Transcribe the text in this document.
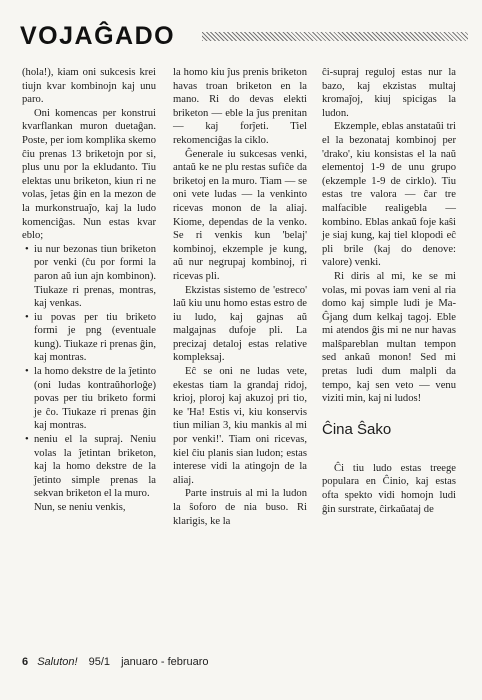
VOJAĜADO

(hola!), kiam oni sukcesis krei tiujn kvar kombinojn kaj unu paro.

Oni komencas per konstrui kvarflankan muron duetaĝan. Poste, per iom komplika skemo ĉiu prenas 13 briketojn por si, plus unu por la ekludanto. Tiu elektas unu briketon, kiun ri ne volas, ĵetas ĝin en la mezon de la murkonstruaĵo, kaj la ludo komenciĝas. Nun estas kvar eblo;

• iu nur bezonas tiun briketon por venki (ĉu por formi la paron aŭ iun ajn kombinon). Tiukaze ri prenas, montras, kaj venkas.
• iu povas per tiu briketo formi je png (eventuale kung). Tiukaze ri prenas ĝin, kaj montras.
• la homo dekstre de la ĵetinto (oni ludas kontraŭhorloĝe) povas per tiu briketo formi je ĉo. Tiukaze ri prenas ĝin kaj montras.
• neniu el la supraj. Neniu volas la ĵetintan briketon, kaj la homo dekstre de la ĵetinto simple prenas la sekvan briketon el la muro.

Nun, se neniu venkis,

la homo kiu ĵus prenis briketon havas troan briketon en la mano. Ri do devas elekti briketon — eble la ĵus prenitan — kaj forĵeti. Tiel rekomenciĝas la ciklo.

Ĝenerale iu sukcesas venki, antaŭ ke ne plu restas sufiĉe da briketoj en la muro. Tiam — se oni vete ludas — la venkinto ricevas monon de la aliaj. Kiome, dependas de la venko. Se ri venkis kun 'belaj' kombinoj, ekzemple je kung, aŭ nur negrupaj kombinoj, ri ricevas pli.

Ekzistas sistemo de 'estreco' laŭ kiu unu homo estas estro de iu ludo, kaj gajnas aŭ malgajnas dufoje pli. La precizaj detaloj estas relative kompleksaj.

Eĉ se oni ne ludas vete, ekestas tiam la grandaj ridoj, krioj, ploroj kaj akuzoj pri tio, ke 'Ha! Estis vi, kiu konservis tiun milian 3, kiu mankis al mi por venki!'. Tiam oni ricevas, kiel ĉiu planis sian ludon; estas interese vidi la atingojn de la aliaj.

Parte instruis al mi la ludon la ŝoforo de nia buso. Ri klarigis, ke la

ĉi-supraj reguloj estas nur la bazo, kaj ekzistas multaj kromaĵoj, kiuj spicigas la ludon.

Ekzemple, eblas anstataŭi tri el la bezonataj kombinoj per 'drako', kiu konsistas el la naŭ elementoj 1-9 de unu grupo (ekzemple 1-9 de cirklo). Tiu estas tre valora — ĉar tre malfacible realigebla — kombino. Eblas ankaŭ foje kaŝi je siaj kung, kaj tiel klopodi eĉ pli brile (kaj do denove: valore) venki.

Ri diris al mi, ke se mi volas, mi povas iam veni al ria domo kaj simple ludi je Ma-Ĝjang dum kelkaj tagoj. Eble mi atendos ĝis mi ne nur havas malŝpareblan multan tempon sed ankaŭ monon! Sed mi pretas ludi dum malpli da tempo, kaj sen veto — venu viziti min, kaj ni ludos!

Ĉina Ŝako

Ĉi tiu ludo estas treege populara en Ĉinio, kaj estas ofta spekto vidi homojn ludi ĝin surstrate, ĉirkaŭataj de

6 Saluton! 95/1 januaro - februaro
